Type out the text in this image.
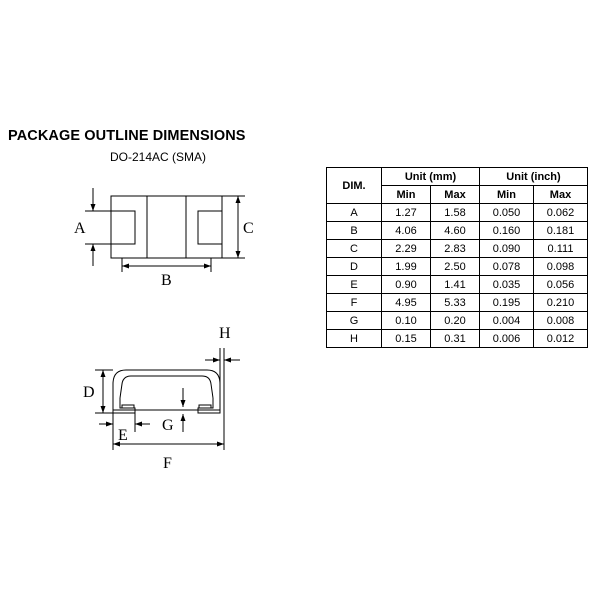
PACKAGE OUTLINE DIMENSIONS
DO-214AC (SMA)
A	C
B
D
H
G
E
F
DIM.	Unit (mm)		Unit (inch)	
	Min	Max	Min	Max
A	1.27	1.58	0.050	0.062
B	4.06	4.60	0.160	0.181
C	2.29	2.83	0.090	0.111
D	1.99	2.50	0.078	0.098
E	0.90	1.41	0.035	0.056
F	4.95	5.33	0.195	0.210
G	0.10	0.20	0.004	0.008
H	0.15	0.31	0.006	0.012
